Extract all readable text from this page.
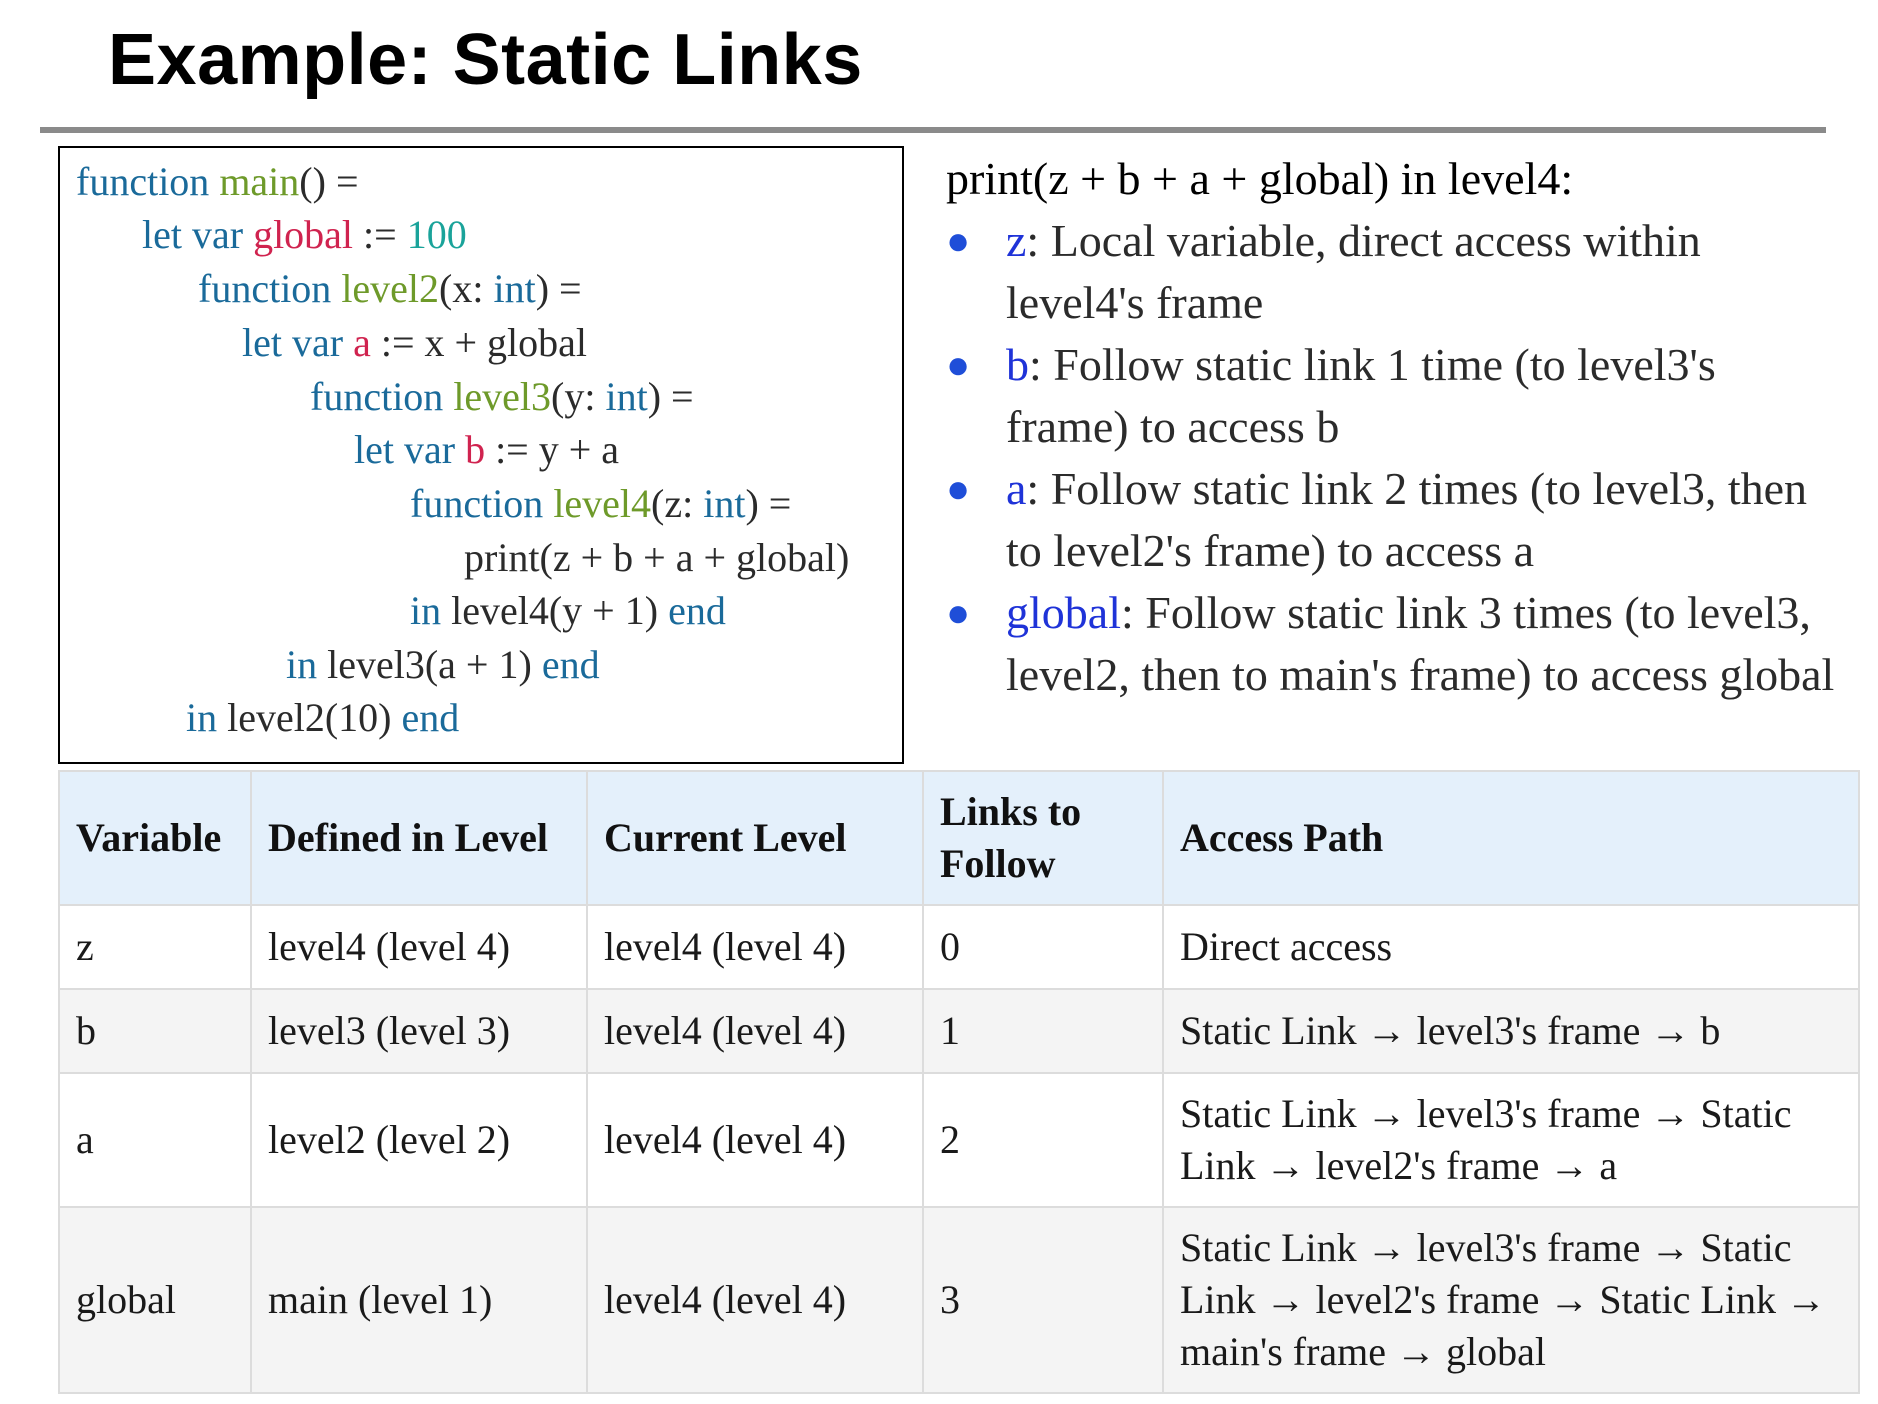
Example: Static Links
function main() =
let var global := 100
function level2(x: int) =
let var a := x + global
function level3(y: int) =
let var b := y + a
function level4(z: int) =
print(z + b + a + global)
in level4(y + 1) end
in level3(a + 1) end
in level2(10) end
print(z + b + a + global) in level4:
● z: Local variable, direct access within level4's frame
● b: Follow static link 1 time (to level3's frame) to access b
● a: Follow static link 2 times (to level3, then to level2's frame) to access a
● global: Follow static link 3 times (to level3, level2, then to main's frame) to access global
Variable	Defined in Level	Current Level	Links to Follow	Access Path
z	level4 (level 4)	level4 (level 4)	0	Direct access
b	level3 (level 3)	level4 (level 4)	1	Static Link → level3's frame → b
a	level2 (level 2)	level4 (level 4)	2	Static Link → level3's frame → Static Link → level2's frame → a
global	main (level 1)	level4 (level 4)	3	Static Link → level3's frame → Static Link → level2's frame → Static Link → main's frame → global
